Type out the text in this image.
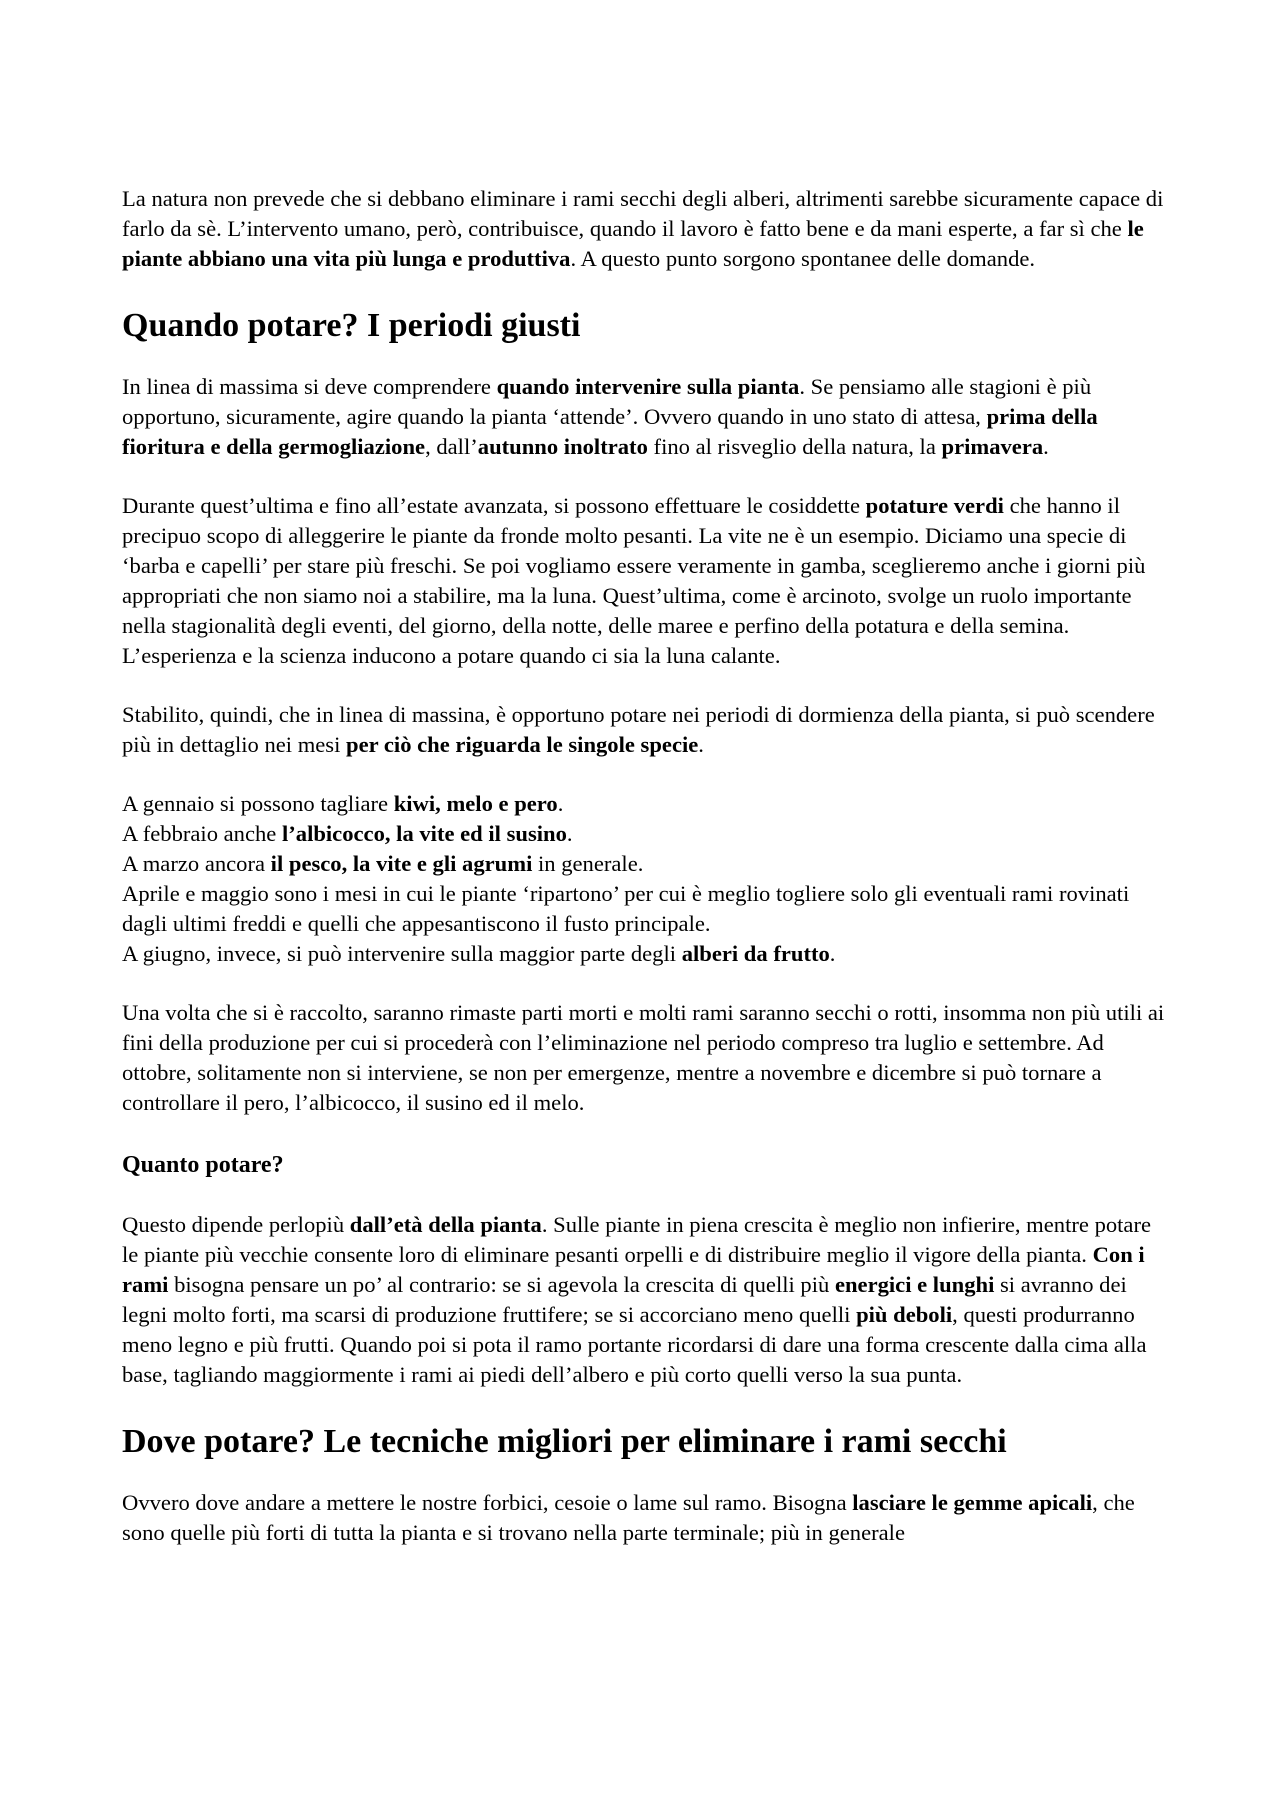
La natura non prevede che si debbano eliminare i rami secchi degli alberi, altrimenti sarebbe sicuramente capace di farlo da sè. L’intervento umano, però, contribuisce, quando il lavoro è fatto bene e da mani esperte, a far sì che le piante abbiano una vita più lunga e produttiva. A questo punto sorgono spontanee delle domande.

Quando potare? I periodi giusti

In linea di massima si deve comprendere quando intervenire sulla pianta. Se pensiamo alle stagioni è più opportuno, sicuramente, agire quando la pianta ‘attende’. Ovvero quando in uno stato di attesa, prima della fioritura e della germogliazione, dall’autunno inoltrato fino al risveglio della natura, la primavera.

Durante quest’ultima e fino all’estate avanzata, si possono effettuare le cosiddette potature verdi che hanno il precipuo scopo di alleggerire le piante da fronde molto pesanti. La vite ne è un esempio. Diciamo una specie di ‘barba e capelli’ per stare più freschi. Se poi vogliamo essere veramente in gamba, sceglieremo anche i giorni più appropriati che non siamo noi a stabilire, ma la luna. Quest’ultima, come è arcinoto, svolge un ruolo importante nella stagionalità degli eventi, del giorno, della notte, delle maree e perfino della potatura e della semina. L’esperienza e la scienza inducono a potare quando ci sia la luna calante.

Stabilito, quindi, che in linea di massina, è opportuno potare nei periodi di dormienza della pianta, si può scendere più in dettaglio nei mesi per ciò che riguarda le singole specie.

A gennaio si possono tagliare kiwi, melo e pero.
A febbraio anche l’albicocco, la vite ed il susino.
A marzo ancora il pesco, la vite e gli agrumi in generale.
Aprile e maggio sono i mesi in cui le piante ‘ripartono’ per cui è meglio togliere solo gli eventuali rami rovinati dagli ultimi freddi e quelli che appesantiscono il fusto principale.
A giugno, invece, si può intervenire sulla maggior parte degli alberi da frutto.

Una volta che si è raccolto, saranno rimaste parti morti e molti rami saranno secchi o rotti, insomma non più utili ai fini della produzione per cui si procederà con l’eliminazione nel periodo compreso tra luglio e settembre. Ad ottobre, solitamente non si interviene, se non per emergenze, mentre a novembre e dicembre si può tornare a controllare il pero, l’albicocco, il susino ed il melo.

Quanto potare?

Questo dipende perlopiù dall’età della pianta. Sulle piante in piena crescita è meglio non infierire, mentre potare le piante più vecchie consente loro di eliminare pesanti orpelli e di distribuire meglio il vigore della pianta. Con i rami bisogna pensare un po’ al contrario: se si agevola la crescita di quelli più energici e lunghi si avranno dei legni molto forti, ma scarsi di produzione fruttifere; se si accorciano meno quelli più deboli, questi produrranno meno legno e più frutti. Quando poi si pota il ramo portante ricordarsi di dare una forma crescente dalla cima alla base, tagliando maggiormente i rami ai piedi dell’albero e più corto quelli verso la sua punta.

Dove potare? Le tecniche migliori per eliminare i rami secchi

Ovvero dove andare a mettere le nostre forbici, cesoie o lame sul ramo. Bisogna lasciare le gemme apicali, che sono quelle più forti di tutta la pianta e si trovano nella parte terminale; più in generale
